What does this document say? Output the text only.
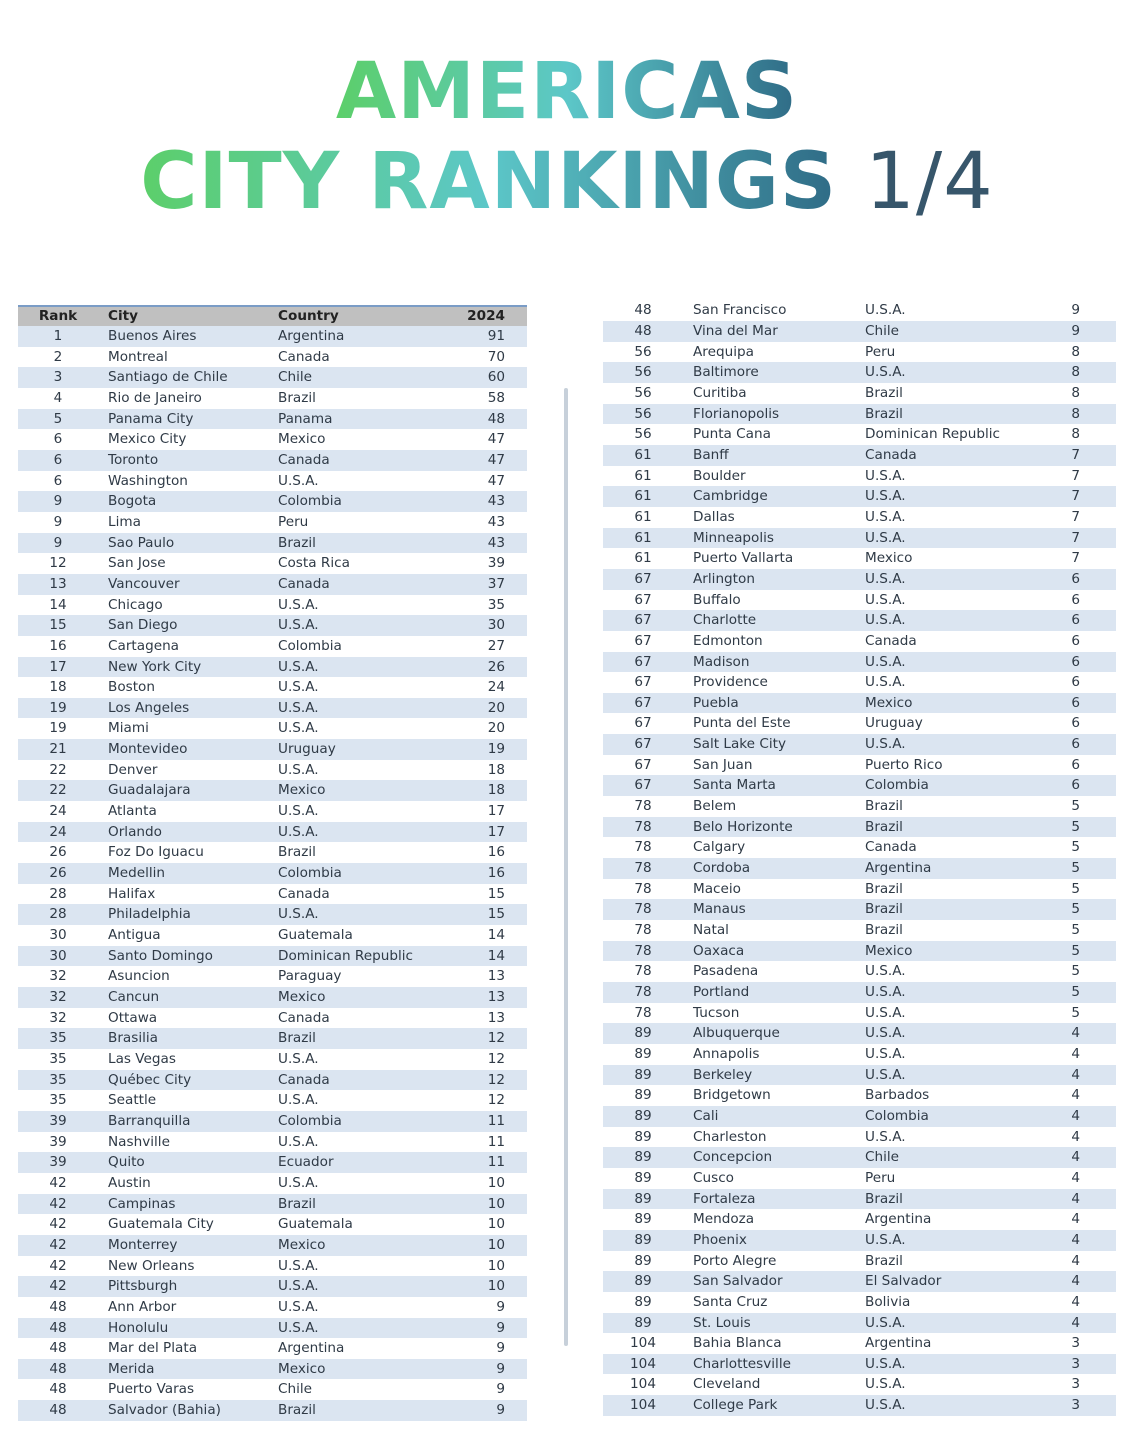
AMERICAS
CITY RANKINGS 1/4
Rank	City	Country	2024
1	Buenos Aires	Argentina	91
2	Montreal	Canada	70
3	Santiago de Chile	Chile	60
4	Rio de Janeiro	Brazil	58
5	Panama City	Panama	48
6	Mexico City	Mexico	47
6	Toronto	Canada	47
6	Washington	U.S.A.	47
9	Bogota	Colombia	43
9	Lima	Peru	43
9	Sao Paulo	Brazil	43
12	San Jose	Costa Rica	39
13	Vancouver	Canada	37
14	Chicago	U.S.A.	35
15	San Diego	U.S.A.	30
16	Cartagena	Colombia	27
17	New York City	U.S.A.	26
18	Boston	U.S.A.	24
19	Los Angeles	U.S.A.	20
19	Miami	U.S.A.	20
21	Montevideo	Uruguay	19
22	Denver	U.S.A.	18
22	Guadalajara	Mexico	18
24	Atlanta	U.S.A.	17
24	Orlando	U.S.A.	17
26	Foz Do Iguacu	Brazil	16
26	Medellin	Colombia	16
28	Halifax	Canada	15
28	Philadelphia	U.S.A.	15
30	Antigua	Guatemala	14
30	Santo Domingo	Dominican Republic	14
32	Asuncion	Paraguay	13
32	Cancun	Mexico	13
32	Ottawa	Canada	13
35	Brasilia	Brazil	12
35	Las Vegas	U.S.A.	12
35	Québec City	Canada	12
35	Seattle	U.S.A.	12
39	Barranquilla	Colombia	11
39	Nashville	U.S.A.	11
39	Quito	Ecuador	11
42	Austin	U.S.A.	10
42	Campinas	Brazil	10
42	Guatemala City	Guatemala	10
42	Monterrey	Mexico	10
42	New Orleans	U.S.A.	10
42	Pittsburgh	U.S.A.	10
48	Ann Arbor	U.S.A.	9
48	Honolulu	U.S.A.	9
48	Mar del Plata	Argentina	9
48	Merida	Mexico	9
48	Puerto Varas	Chile	9
48	Salvador (Bahia)	Brazil	9
48	San Francisco	U.S.A.	9
48	Vina del Mar	Chile	9
56	Arequipa	Peru	8
56	Baltimore	U.S.A.	8
56	Curitiba	Brazil	8
56	Florianopolis	Brazil	8
56	Punta Cana	Dominican Republic	8
61	Banff	Canada	7
61	Boulder	U.S.A.	7
61	Cambridge	U.S.A.	7
61	Dallas	U.S.A.	7
61	Minneapolis	U.S.A.	7
61	Puerto Vallarta	Mexico	7
67	Arlington	U.S.A.	6
67	Buffalo	U.S.A.	6
67	Charlotte	U.S.A.	6
67	Edmonton	Canada	6
67	Madison	U.S.A.	6
67	Providence	U.S.A.	6
67	Puebla	Mexico	6
67	Punta del Este	Uruguay	6
67	Salt Lake City	U.S.A.	6
67	San Juan	Puerto Rico	6
67	Santa Marta	Colombia	6
78	Belem	Brazil	5
78	Belo Horizonte	Brazil	5
78	Calgary	Canada	5
78	Cordoba	Argentina	5
78	Maceio	Brazil	5
78	Manaus	Brazil	5
78	Natal	Brazil	5
78	Oaxaca	Mexico	5
78	Pasadena	U.S.A.	5
78	Portland	U.S.A.	5
78	Tucson	U.S.A.	5
89	Albuquerque	U.S.A.	4
89	Annapolis	U.S.A.	4
89	Berkeley	U.S.A.	4
89	Bridgetown	Barbados	4
89	Cali	Colombia	4
89	Charleston	U.S.A.	4
89	Concepcion	Chile	4
89	Cusco	Peru	4
89	Fortaleza	Brazil	4
89	Mendoza	Argentina	4
89	Phoenix	U.S.A.	4
89	Porto Alegre	Brazil	4
89	San Salvador	El Salvador	4
89	Santa Cruz	Bolivia	4
89	St. Louis	U.S.A.	4
104	Bahia Blanca	Argentina	3
104	Charlottesville	U.S.A.	3
104	Cleveland	U.S.A.	3
104	College Park	U.S.A.	3
